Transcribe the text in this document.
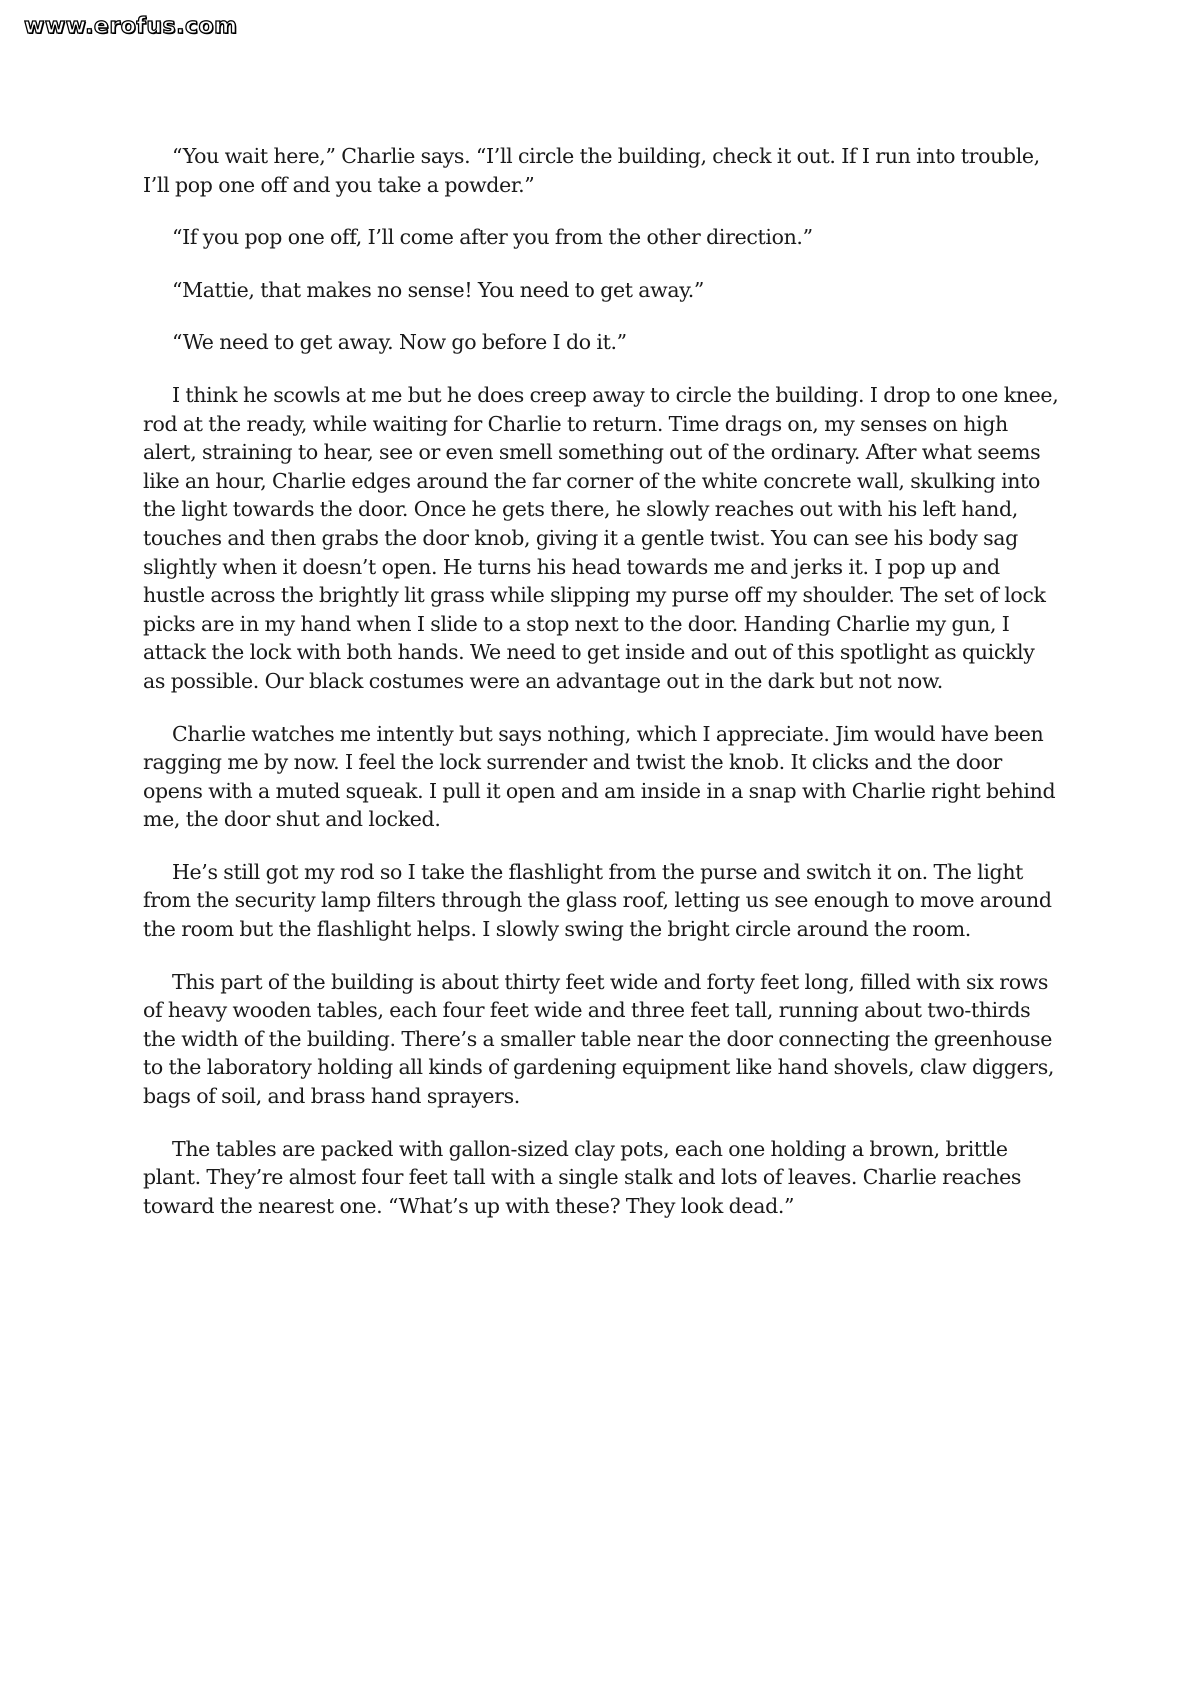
www.erofus.com

“You wait here,” Charlie says. “I’ll circle the building, check it out. If I run into trouble, I’ll pop one off and you take a powder.”

“If you pop one off, I’ll come after you from the other direction.”

“Mattie, that makes no sense! You need to get away.”

“We need to get away. Now go before I do it.”

I think he scowls at me but he does creep away to circle the building. I drop to one knee, rod at the ready, while waiting for Charlie to return. Time drags on, my senses on high alert, straining to hear, see or even smell something out of the ordinary. After what seems like an hour, Charlie edges around the far corner of the white concrete wall, skulking into the light towards the door. Once he gets there, he slowly reaches out with his left hand, touches and then grabs the door knob, giving it a gentle twist. You can see his body sag slightly when it doesn’t open. He turns his head towards me and jerks it. I pop up and hustle across the brightly lit grass while slipping my purse off my shoulder. The set of lock picks are in my hand when I slide to a stop next to the door. Handing Charlie my gun, I attack the lock with both hands. We need to get inside and out of this spotlight as quickly as possible. Our black costumes were an advantage out in the dark but not now.

Charlie watches me intently but says nothing, which I appreciate. Jim would have been ragging me by now. I feel the lock surrender and twist the knob. It clicks and the door opens with a muted squeak. I pull it open and am inside in a snap with Charlie right behind me, the door shut and locked.

He’s still got my rod so I take the flashlight from the purse and switch it on. The light from the security lamp filters through the glass roof, letting us see enough to move around the room but the flashlight helps. I slowly swing the bright circle around the room.

This part of the building is about thirty feet wide and forty feet long, filled with six rows of heavy wooden tables, each four feet wide and three feet tall, running about two-thirds the width of the building. There’s a smaller table near the door connecting the greenhouse to the laboratory holding all kinds of gardening equipment like hand shovels, claw diggers, bags of soil, and brass hand sprayers.

The tables are packed with gallon-sized clay pots, each one holding a brown, brittle plant. They’re almost four feet tall with a single stalk and lots of leaves. Charlie reaches toward the nearest one. “What’s up with these? They look dead.”
